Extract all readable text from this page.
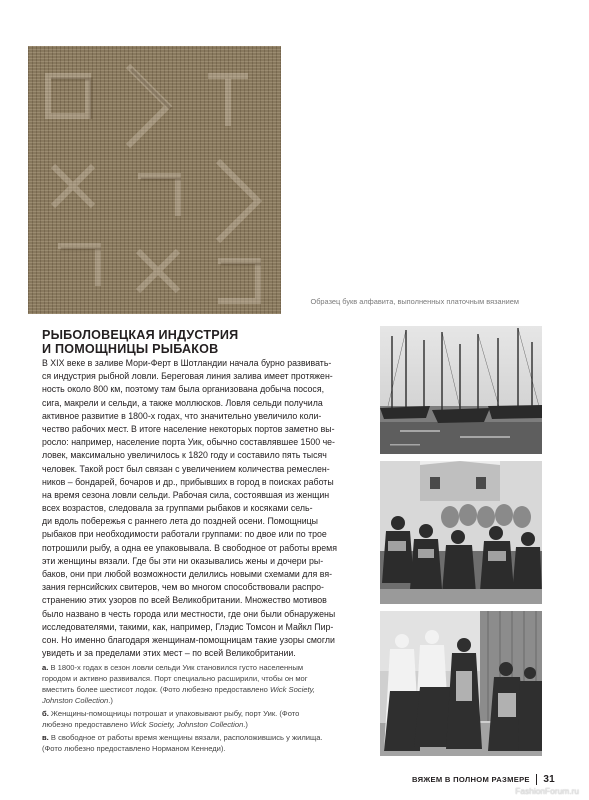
Образец букв алфавита, выполненных платочным вязанием
РЫБОЛОВЕЦКАЯ ИНДУСТРИЯ
И ПОМОЩНИЦЫ РЫБАКОВ
В XIX веке в заливе Мори-Ферт в Шотландии начала бурно развивать-
ся индустрия рыбной ловли. Береговая линия залива имеет протяжен-
ность около 800 км, поэтому там была организована добыча посося,
сига, макрели и сельди, а также моллюсков. Ловля сельди получила
активное развитие в 1800-х годах, что значительно увеличило коли-
чество рабочих мест. В итоге население некоторых портов заметно вы-
росло: например, население порта Уик, обычно составлявшее 1500 че-
ловек, максимально увеличилось к 1820 году и составило пять тысяч
человек. Такой рост был связан с увеличением количества ремеслен-
ников – бондарей, бочаров и др., прибывших в город в поисках работы
на время сезона ловли сельди. Рабочая сила, состоявшая из женщин
всех возрастов, следовала за группами рыбаков и косяками сель-
ди вдоль побережья с раннего лета до поздней осени. Помощницы
рыбаков при необходимости работали группами: по двое или по трое
потрошили рыбу, а одна ее упаковывала. В свободное от работы время
эти женщины вязали. Где бы эти ни оказывались жены и дочери ры-
баков, они при любой возможности делились новыми схемами для вя-
зания гернсийских свитеров, чем во многом способствовали распро-
странению этих узоров по всей Великобритании. Множество мотивов
было названо в честь города или местности, где они были обнаружены
исследователями, такими, как, например, Глэдис Томсон и Майкл Пир-
сон. Но именно благодаря женщинам-помощницам такие узоры смогли
увидеть и за пределами этих мест – по всей Великобритании.
а. В 1800-х годах в сезон ловли сельди Уик становился густо населенным
городом и активно развивался. Порт специально расширили, чтобы он мог
вместить более шестисот лодок. (Фото любезно предоставлено Wick Society,
Johnston Collection.)
б. Женщины-помощницы потрошат и упаковывают рыбу, порт Уик. (Фото
любезно предоставлено Wick Society, Johnston Collection.)
в. В свободное от работы время женщины вязали, расположившись у жилища.
(Фото любезно предоставлено Норманом Кеннеди).
ВЯЖЕМ В ПОЛНОМ РАЗМЕРЕ 31
FashionForum.ru
